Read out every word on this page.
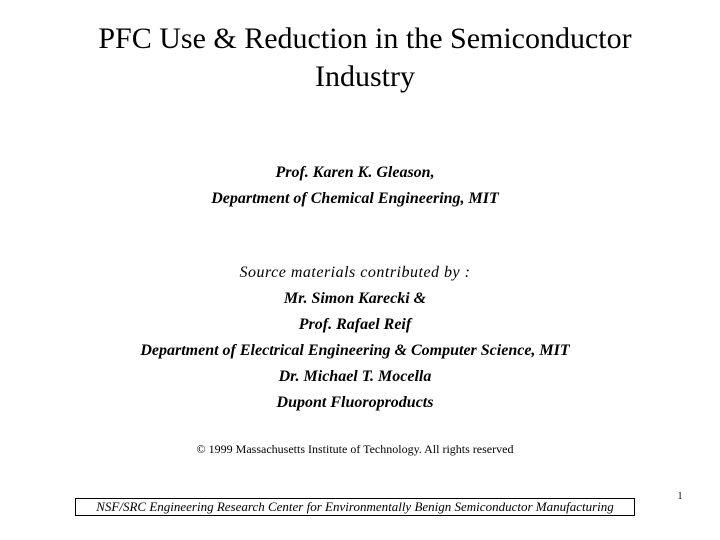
PFC Use & Reduction in the Semiconductor
Industry
Prof. Karen K. Gleason,
Department of Chemical Engineering, MIT
Source materials contributed by :
Mr. Simon Karecki &
Prof. Rafael Reif
Department of Electrical Engineering & Computer Science, MIT
Dr. Michael T. Mocella
Dupont Fluoroproducts
© 1999 Massachusetts Institute of Technology. All rights reserved
NSF/SRC Engineering Research Center for Environmentally Benign Semiconductor Manufacturing
1
